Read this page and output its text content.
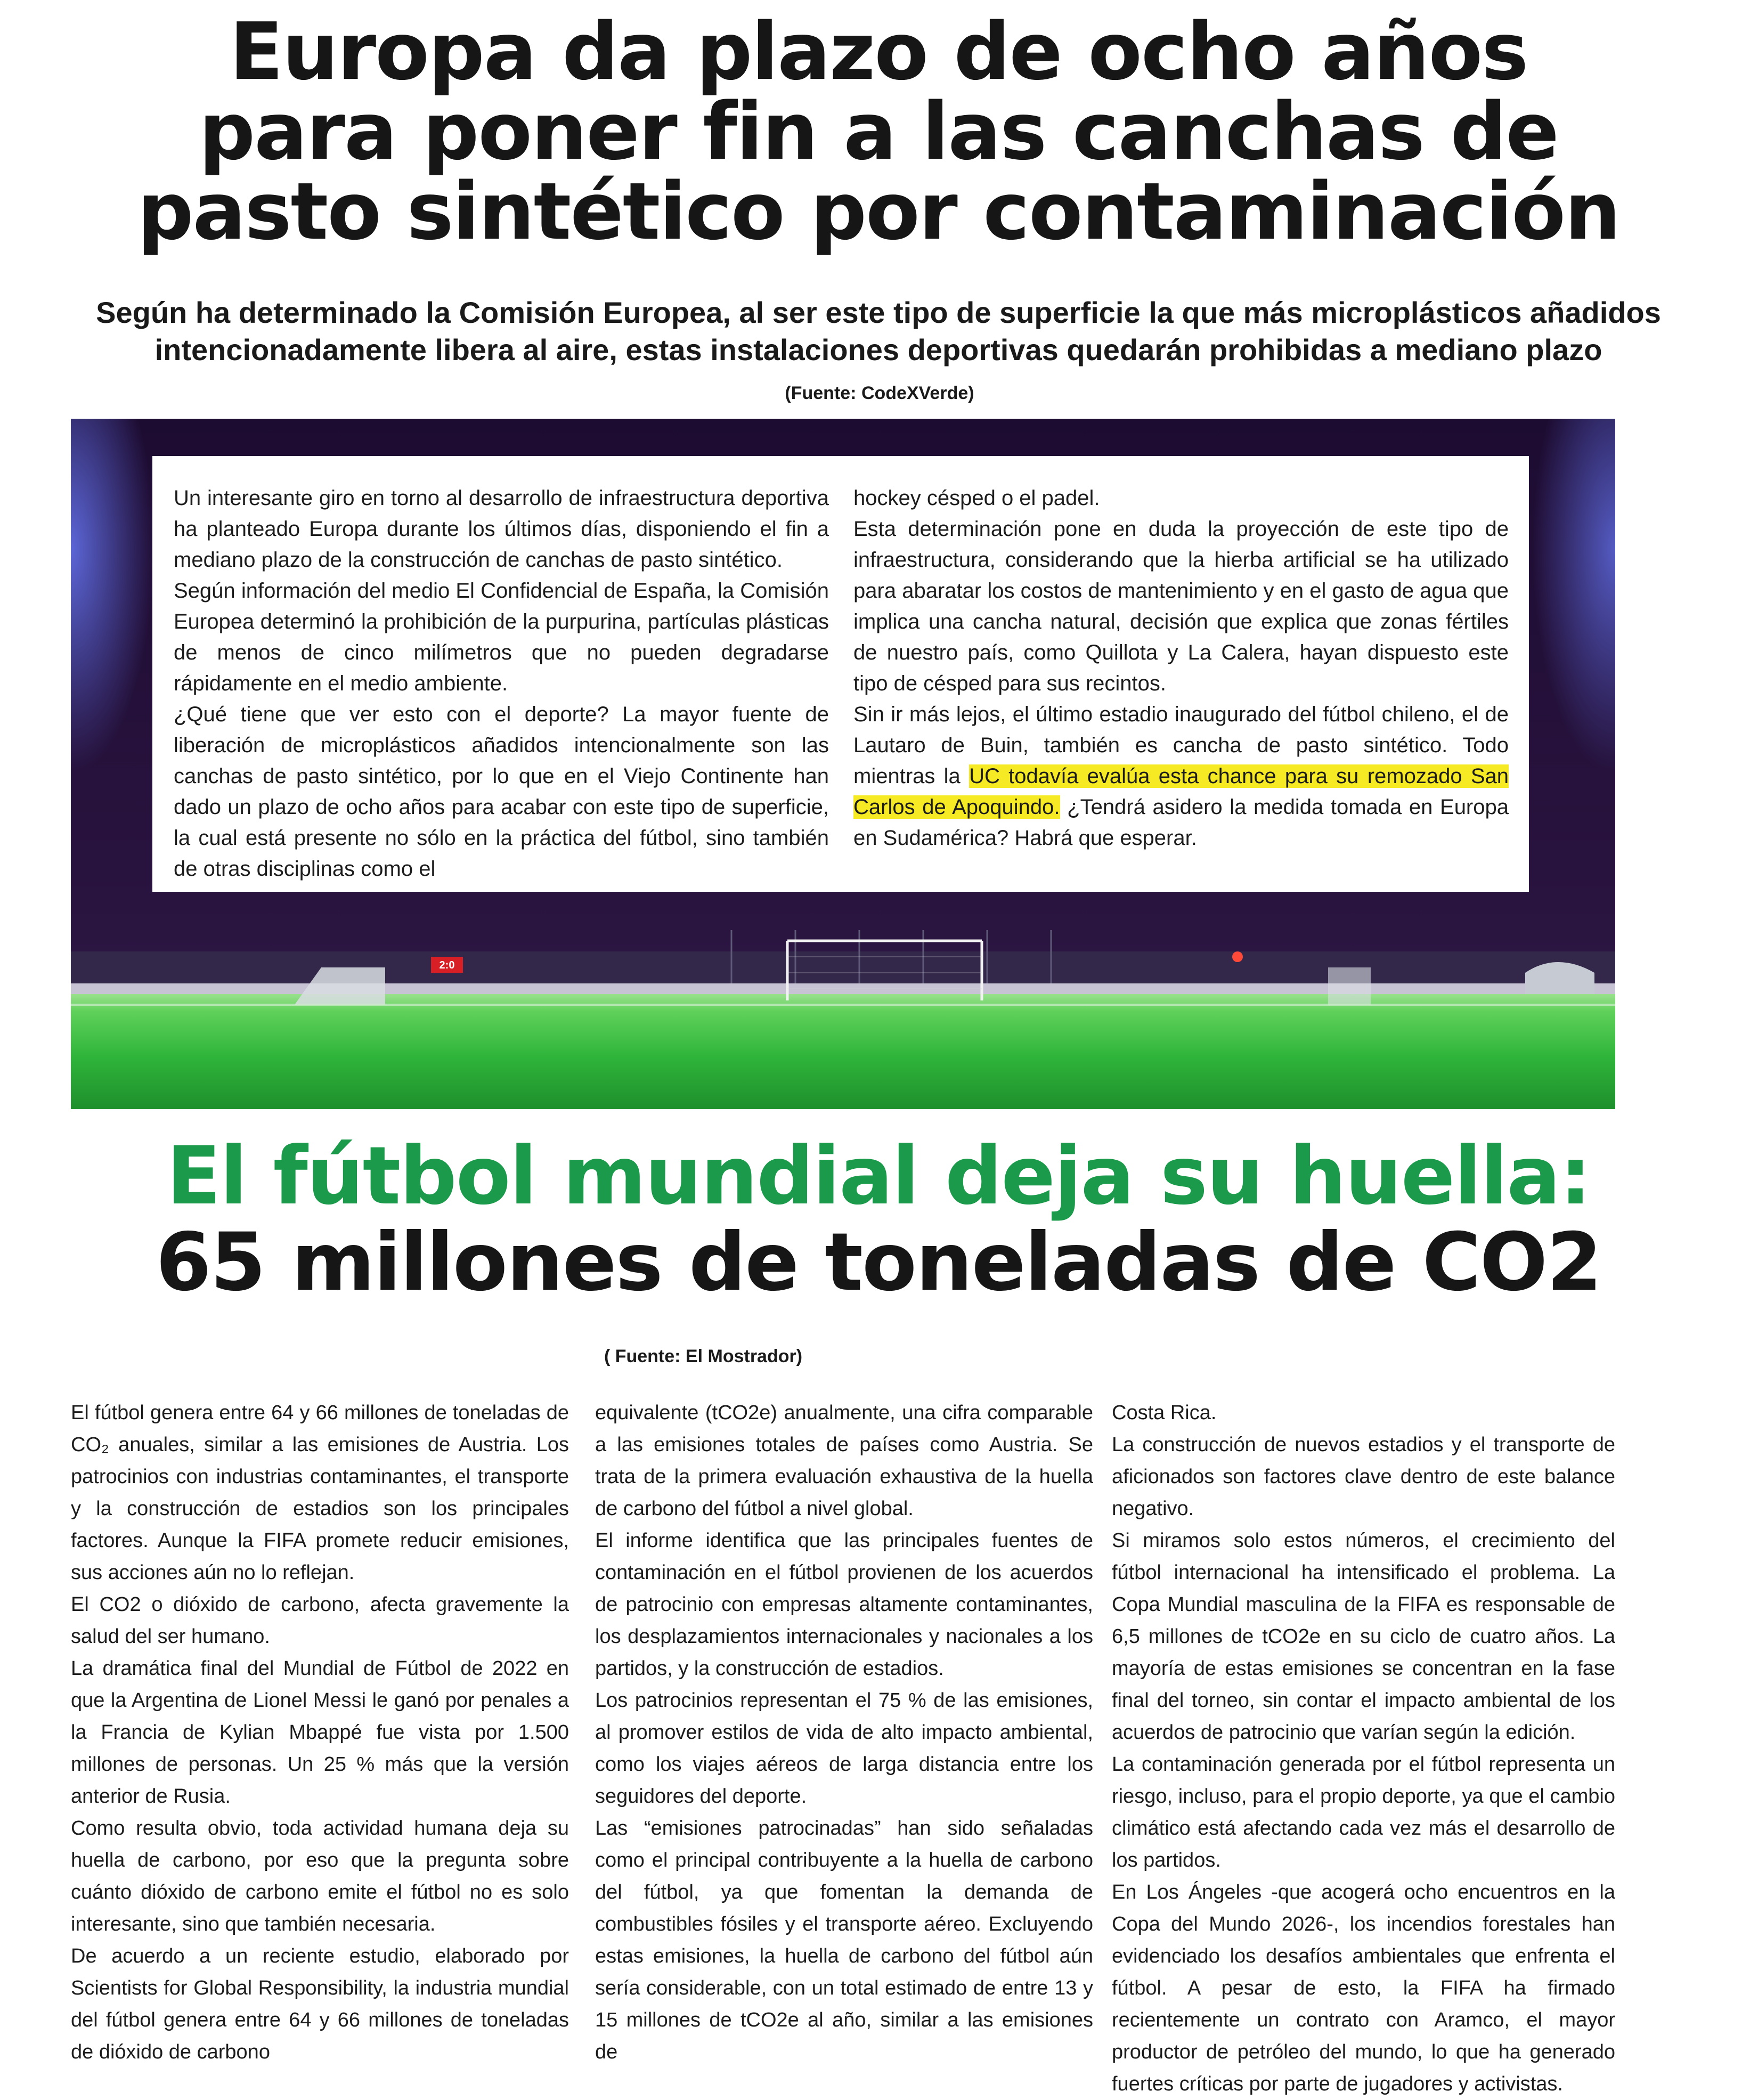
Europa da plazo de ocho años
para poner fin a las canchas de
pasto sintético por contaminación
Según ha determinado la Comisión Europea, al ser este tipo de superficie la que más microplásticos añadidos
intencionadamente libera al aire, estas instalaciones deportivas quedarán prohibidas a mediano plazo
(Fuente: CodeXVerde)
2:0

Un interesante giro en torno al desarrollo de infraestructura deportiva ha planteado Europa durante los últimos días, disponiendo el fin a mediano plazo de la construcción de canchas de pasto sintético.

Según información del medio El Confidencial de España, la Comisión Europea determinó la prohibición de la purpurina, partículas plásticas de menos de cinco milímetros que no pueden degradarse rápidamente en el medio ambiente.

¿Qué tiene que ver esto con el deporte? La mayor fuente de liberación de microplásticos añadidos intencionalmente son las canchas de pasto sintético, por lo que en el Viejo Continente han dado un plazo de ocho años para acabar con este tipo de superficie, la cual está presente no sólo en la práctica del fútbol, sino también de otras disciplinas como el

hockey césped o el padel.

Esta determinación pone en duda la proyección de este tipo de infraestructura, considerando que la hierba artificial se ha utilizado para abaratar los costos de mantenimiento y en el gasto de agua que implica una cancha natural, decisión que explica que zonas fértiles de nuestro país, como Quillota y La Calera, hayan dispuesto este tipo de césped para sus recintos.

Sin ir más lejos, el último estadio inaugurado del fútbol chileno, el de Lautaro de Buin, también es cancha de pasto sintético. Todo mientras la UC todavía evalúa esta chance para su remozado San Carlos de Apoquindo. ¿Tendrá asidero la medida tomada en Europa en Sudamérica? Habrá que esperar.

El fútbol mundial deja su huella:
65 millones de toneladas de CO2
( Fuente: El Mostrador)

El fútbol genera entre 64 y 66 millones de toneladas de CO₂ anuales, similar a las emisiones de Austria. Los patrocinios con industrias contaminantes, el transporte y la construcción de estadios son los principales factores. Aunque la FIFA promete reducir emisiones, sus acciones aún no lo reflejan.

El CO2 o dióxido de carbono, afecta gravemente la salud del ser humano.

La dramática final del Mundial de Fútbol de 2022 en que la Argentina de Lionel Messi le ganó por penales a la Francia de Kylian Mbappé fue vista por 1.500 millones de personas. Un 25 % más que la versión anterior de Rusia.

Como resulta obvio, toda actividad humana deja su huella de carbono, por eso que la pregunta sobre cuánto dióxido de carbono emite el fútbol no es solo interesante, sino que también necesaria.

De acuerdo a un reciente estudio, elaborado por Scientists for Global Responsibility, la industria mundial del fútbol genera entre 64 y 66 millones de toneladas de dióxido de carbono

equivalente (tCO2e) anualmente, una cifra comparable a las emisiones totales de países como Austria. Se trata de la primera evaluación exhaustiva de la huella de carbono del fútbol a nivel global.

El informe identifica que las principales fuentes de contaminación en el fútbol provienen de los acuerdos de patrocinio con empresas altamente contaminantes, los desplazamientos internacionales y nacionales a los partidos, y la construcción de estadios.

Los patrocinios representan el 75 % de las emisiones, al promover estilos de vida de alto impacto ambiental, como los viajes aéreos de larga distancia entre los seguidores del deporte.

Las “emisiones patrocinadas” han sido señaladas como el principal contribuyente a la huella de carbono del fútbol, ya que fomentan la demanda de combustibles fósiles y el transporte aéreo. Excluyendo estas emisiones, la huella de carbono del fútbol aún sería considerable, con un total estimado de entre 13 y 15 millones de tCO2e al año, similar a las emisiones de

Costa Rica.

La construcción de nuevos estadios y el transporte de aficionados son factores clave dentro de este balance negativo.

Si miramos solo estos números, el crecimiento del fútbol internacional ha intensificado el problema. La Copa Mundial masculina de la FIFA es responsable de 6,5 millones de tCO2e en su ciclo de cuatro años. La mayoría de estas emisiones se concentran en la fase final del torneo, sin contar el impacto ambiental de los acuerdos de patrocinio que varían según la edición.

La contaminación generada por el fútbol representa un riesgo, incluso, para el propio deporte, ya que el cambio climático está afectando cada vez más el desarrollo de los partidos.

En Los Ángeles -que acogerá ocho encuentros en la Copa del Mundo 2026-, los incendios forestales han evidenciado los desafíos ambientales que enfrenta el fútbol. A pesar de esto, la FIFA ha firmado recientemente un contrato con Aramco, el mayor productor de petróleo del mundo, lo que ha generado fuertes críticas por parte de jugadores y activistas.
